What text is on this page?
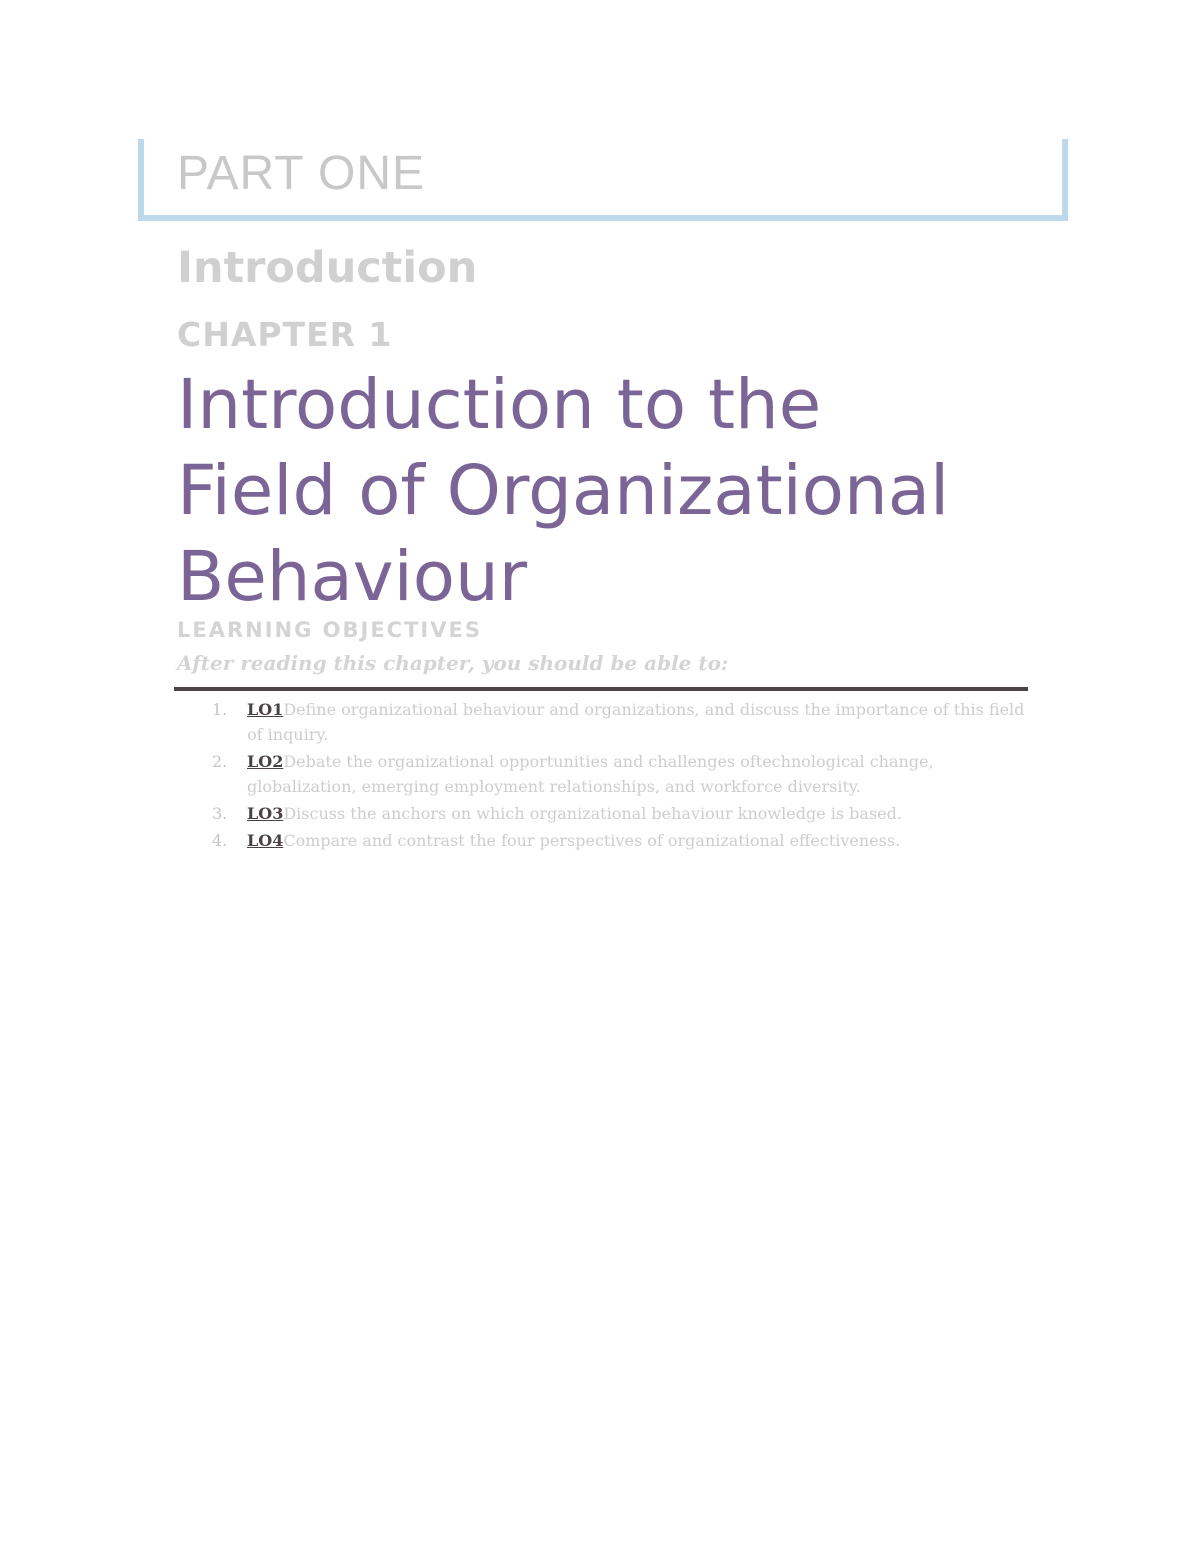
PART ONE
Introduction
CHAPTER 1
Introduction to the
Field of Organizational
Behaviour
LEARNING OBJECTIVES
After reading this chapter, you should be able to:
1. LO1Define organizational behaviour and organizations, and discuss the importance of this field of inquiry.
2. LO2Debate the organizational opportunities and challenges oftechnological change, globalization, emerging employment relationships, and workforce diversity.
3. LO3Discuss the anchors on which organizational behaviour knowledge is based.
4. LO4Compare and contrast the four perspectives of organizational effectiveness.
